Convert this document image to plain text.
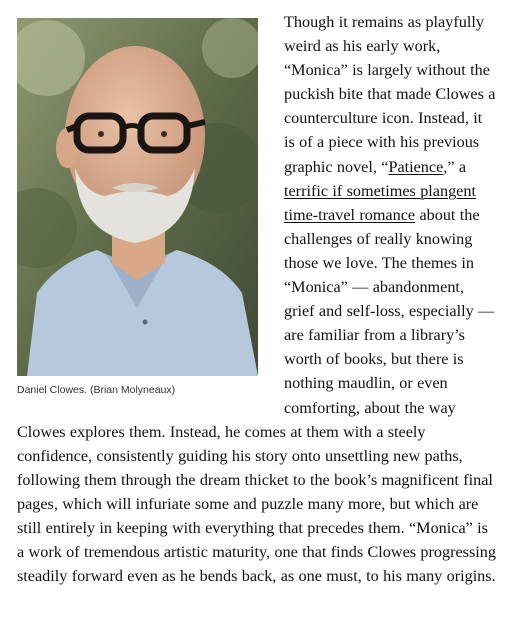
Daniel Clowes. (Brian Molyneaux)

Though it remains as playfully weird as his early work, “Monica” is largely without the puckish bite that made Clowes a counterculture icon. Instead, it is of a piece with his previous graphic novel, “Patience,” a terrific if sometimes plangent time-travel romance about the challenges of really knowing those we love. The themes in “Monica” — abandonment, grief and self-loss, especially — are familiar from a library’s worth of books, but there is nothing maudlin, or even comforting, about the way Clowes explores them. Instead, he comes at them with a steely confidence, consistently guiding his story onto unsettling new paths, following them through the dream thicket to the book’s magnificent final pages, which will infuriate some and puzzle many more, but which are still entirely in keeping with everything that precedes them. “Monica” is a work of tremendous artistic maturity, one that finds Clowes progressing steadily forward even as he bends back, as one must, to his many origins.
